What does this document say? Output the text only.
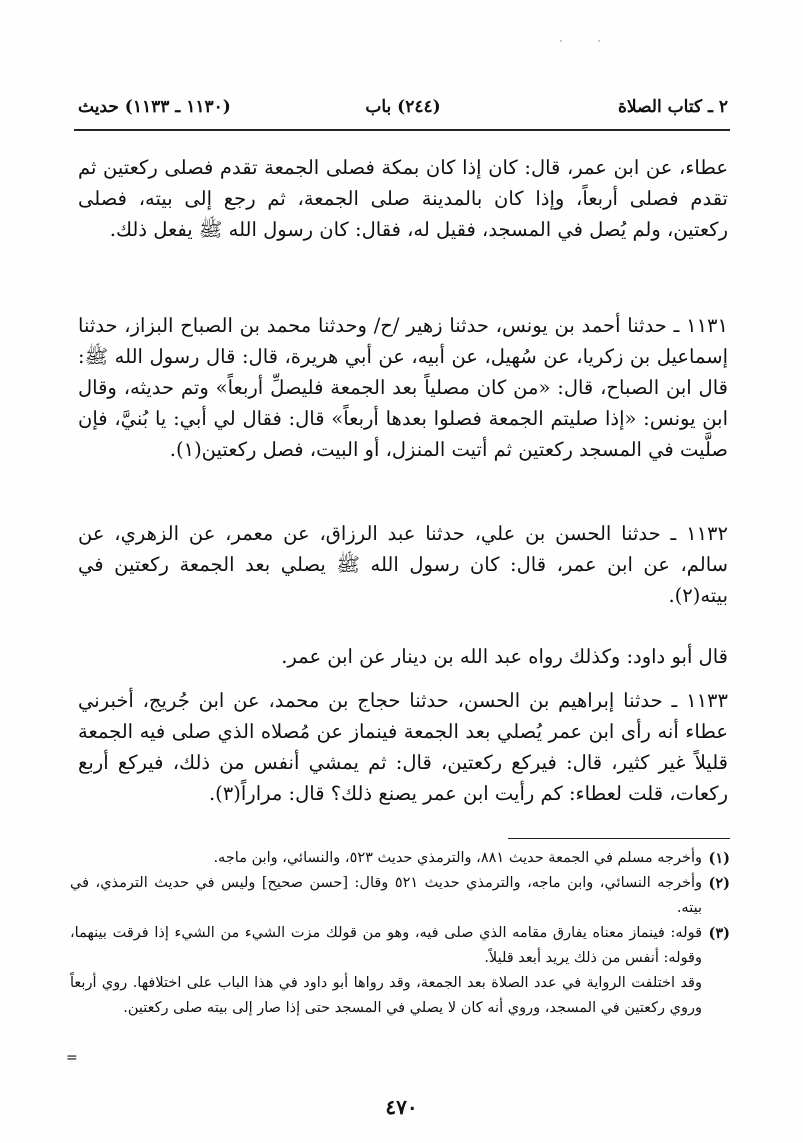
٢ ـ كتاب الصلاة
(٢٤٤) باب
(١١٣٠ ـ ١١٣٣) حديث
عطاء، عن ابن عمر، قال: كان إذا كان بمكة فصلى الجمعة تقدم فصلى ركعتين ثم تقدم فصلى أربعاً، وإذا كان بالمدينة صلى الجمعة، ثم رجع إلى بيته، فصلى ركعتين، ولم يُصل في المسجد، فقيل له، فقال: كان رسول الله ﷺ يفعل ذلك.
١١٣١ ـ حدثنا أحمد بن يونس، حدثنا زهير /ح/ وحدثنا محمد بن الصباح البزاز، حدثنا إسماعيل بن زكريا، عن سُهيل، عن أبيه، عن أبي هريرة، قال: قال رسول الله ﷺ: قال ابن الصباح، قال: «من كان مصلياً بعد الجمعة فليصلِّ أربعاً» وتم حديثه، وقال ابن يونس: «إذا صليتم الجمعة فصلوا بعدها أربعاً» قال: فقال لي أبي: يا بُنيَّ، فإن صلَّيت في المسجد ركعتين ثم أتيت المنزل، أو البيت، فصل ركعتين(١).
١١٣٢ ـ حدثنا الحسن بن علي، حدثنا عبد الرزاق، عن معمر، عن الزهري، عن سالم، عن ابن عمر، قال: كان رسول الله ﷺ يصلي بعد الجمعة ركعتين في بيته(٢).
قال أبو داود: وكذلك رواه عبد الله بن دينار عن ابن عمر.
١١٣٣ ـ حدثنا إبراهيم بن الحسن، حدثنا حجاج بن محمد، عن ابن جُريج، أخبرني عطاء أنه رأى ابن عمر يُصلي بعد الجمعة فينماز عن مُصلاه الذي صلى فيه الجمعة قليلاً غير كثير، قال: فيركع ركعتين، قال: ثم يمشي أنفس من ذلك، فيركع أربع ركعات، قلت لعطاء: كم رأيت ابن عمر يصنع ذلك؟ قال: مراراً(٣).
(١)
وأخرجه مسلم في الجمعة حديث ٨٨١، والترمذي حديث ٥٢٣، والنسائي، وابن ماجه.
(٢)
وأخرجه النسائي، وابن ماجه، والترمذي حديث ٥٢١ وقال: [حسن صحيح] وليس في حديث الترمذي، في بيته.
(٣)
قوله: فينماز معناه يفارق مقامه الذي صلى فيه، وهو من قولك مزت الشيء من الشيء إذا فرقت بينهما، وقوله: أنفس من ذلك يريد أبعد قليلاً.
وقد اختلفت الرواية في عدد الصلاة بعد الجمعة، وقد رواها أبو داود في هذا الباب على اختلافها. روي أربعاً وروي ركعتين في المسجد، وروي أنه كان لا يصلي في المسجد حتى إذا صار إلى بيته صلى ركعتين.
=
٤٧٠
